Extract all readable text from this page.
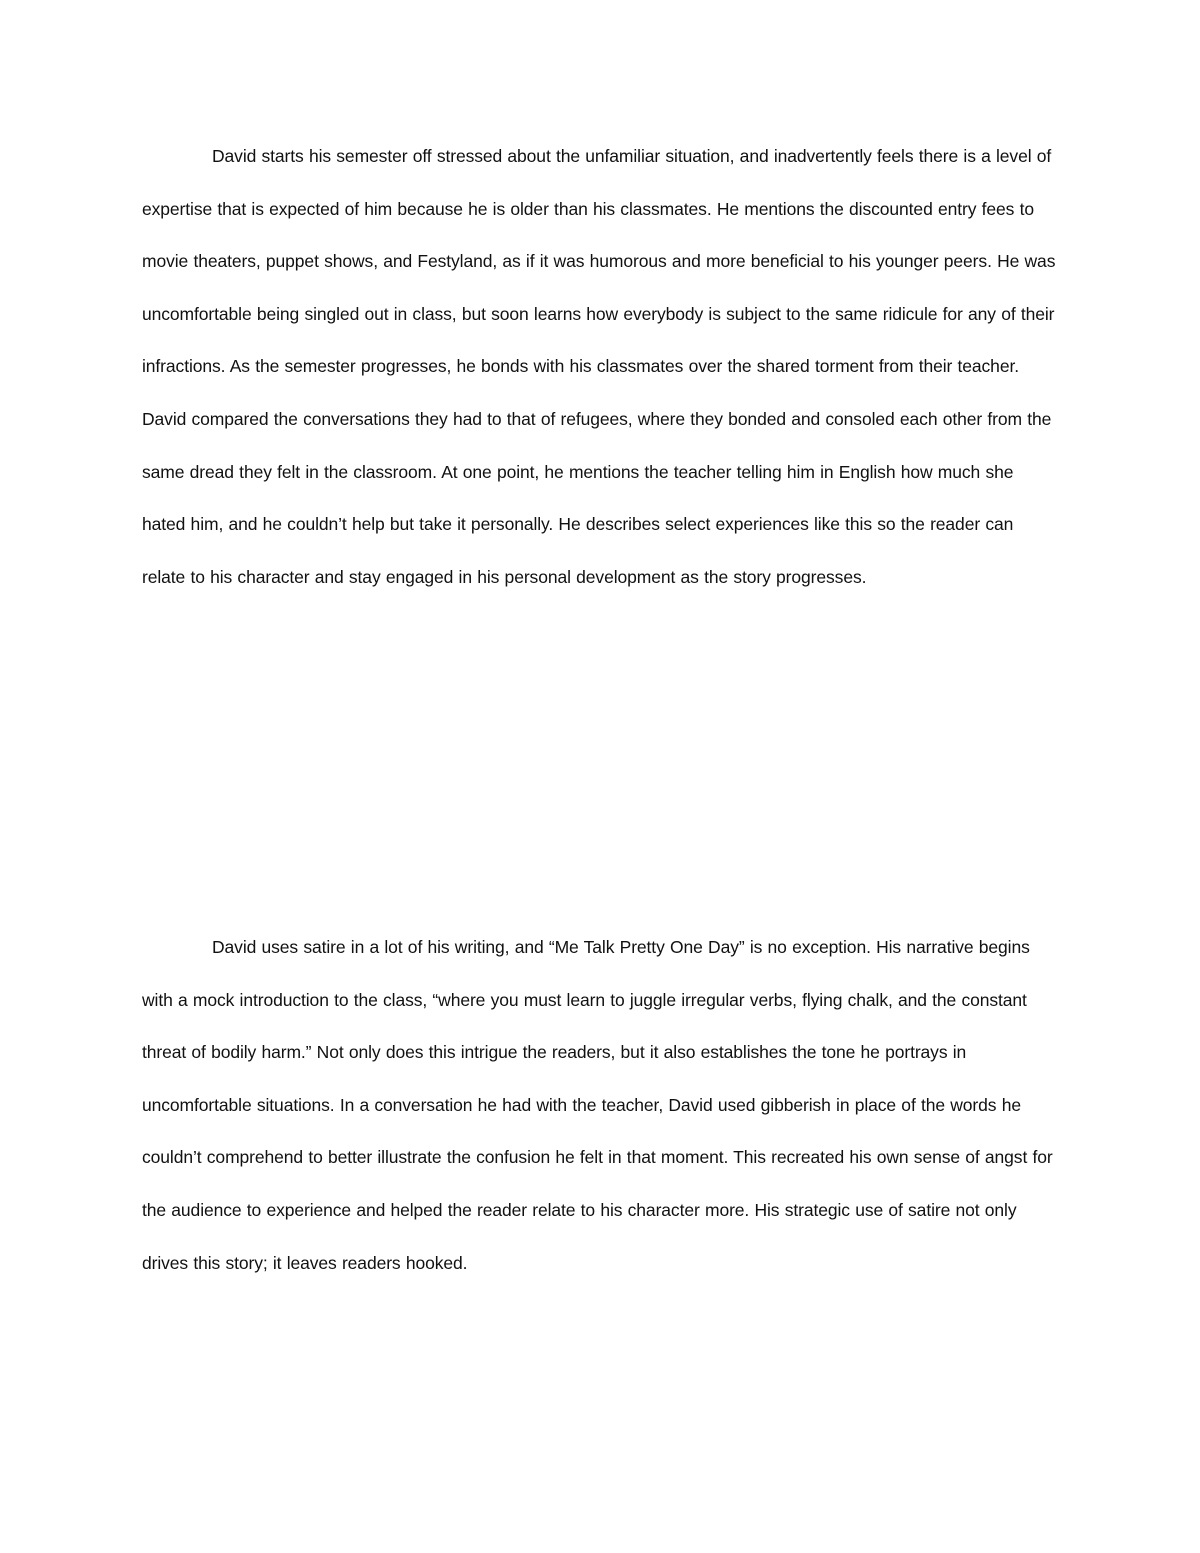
David starts his semester off stressed about the unfamiliar situation, and inadvertently feels there is a level of expertise that is expected of him because he is older than his classmates. He mentions the discounted entry fees to movie theaters, puppet shows, and Festyland, as if it was humorous and more beneficial to his younger peers. He was uncomfortable being singled out in class, but soon learns how everybody is subject to the same ridicule for any of their infractions. As the semester progresses, he bonds with his classmates over the shared torment from their teacher. David compared the conversations they had to that of refugees, where they bonded and consoled each other from the same dread they felt in the classroom. At one point, he mentions the teacher telling him in English how much she hated him, and he couldn’t help but take it personally. He describes select experiences like this so the reader can relate to his character and stay engaged in his personal development as the story progresses.

David uses satire in a lot of his writing, and “Me Talk Pretty One Day” is no exception. His narrative begins with a mock introduction to the class, “where you must learn to juggle irregular verbs, flying chalk, and the constant threat of bodily harm.” Not only does this intrigue the readers, but it also establishes the tone he portrays in uncomfortable situations. In a conversation he had with the teacher, David used gibberish in place of the words he couldn’t comprehend to better illustrate the confusion he felt in that moment. This recreated his own sense of angst for the audience to experience and helped the reader relate to his character more. His strategic use of satire not only drives this story; it leaves readers hooked.
